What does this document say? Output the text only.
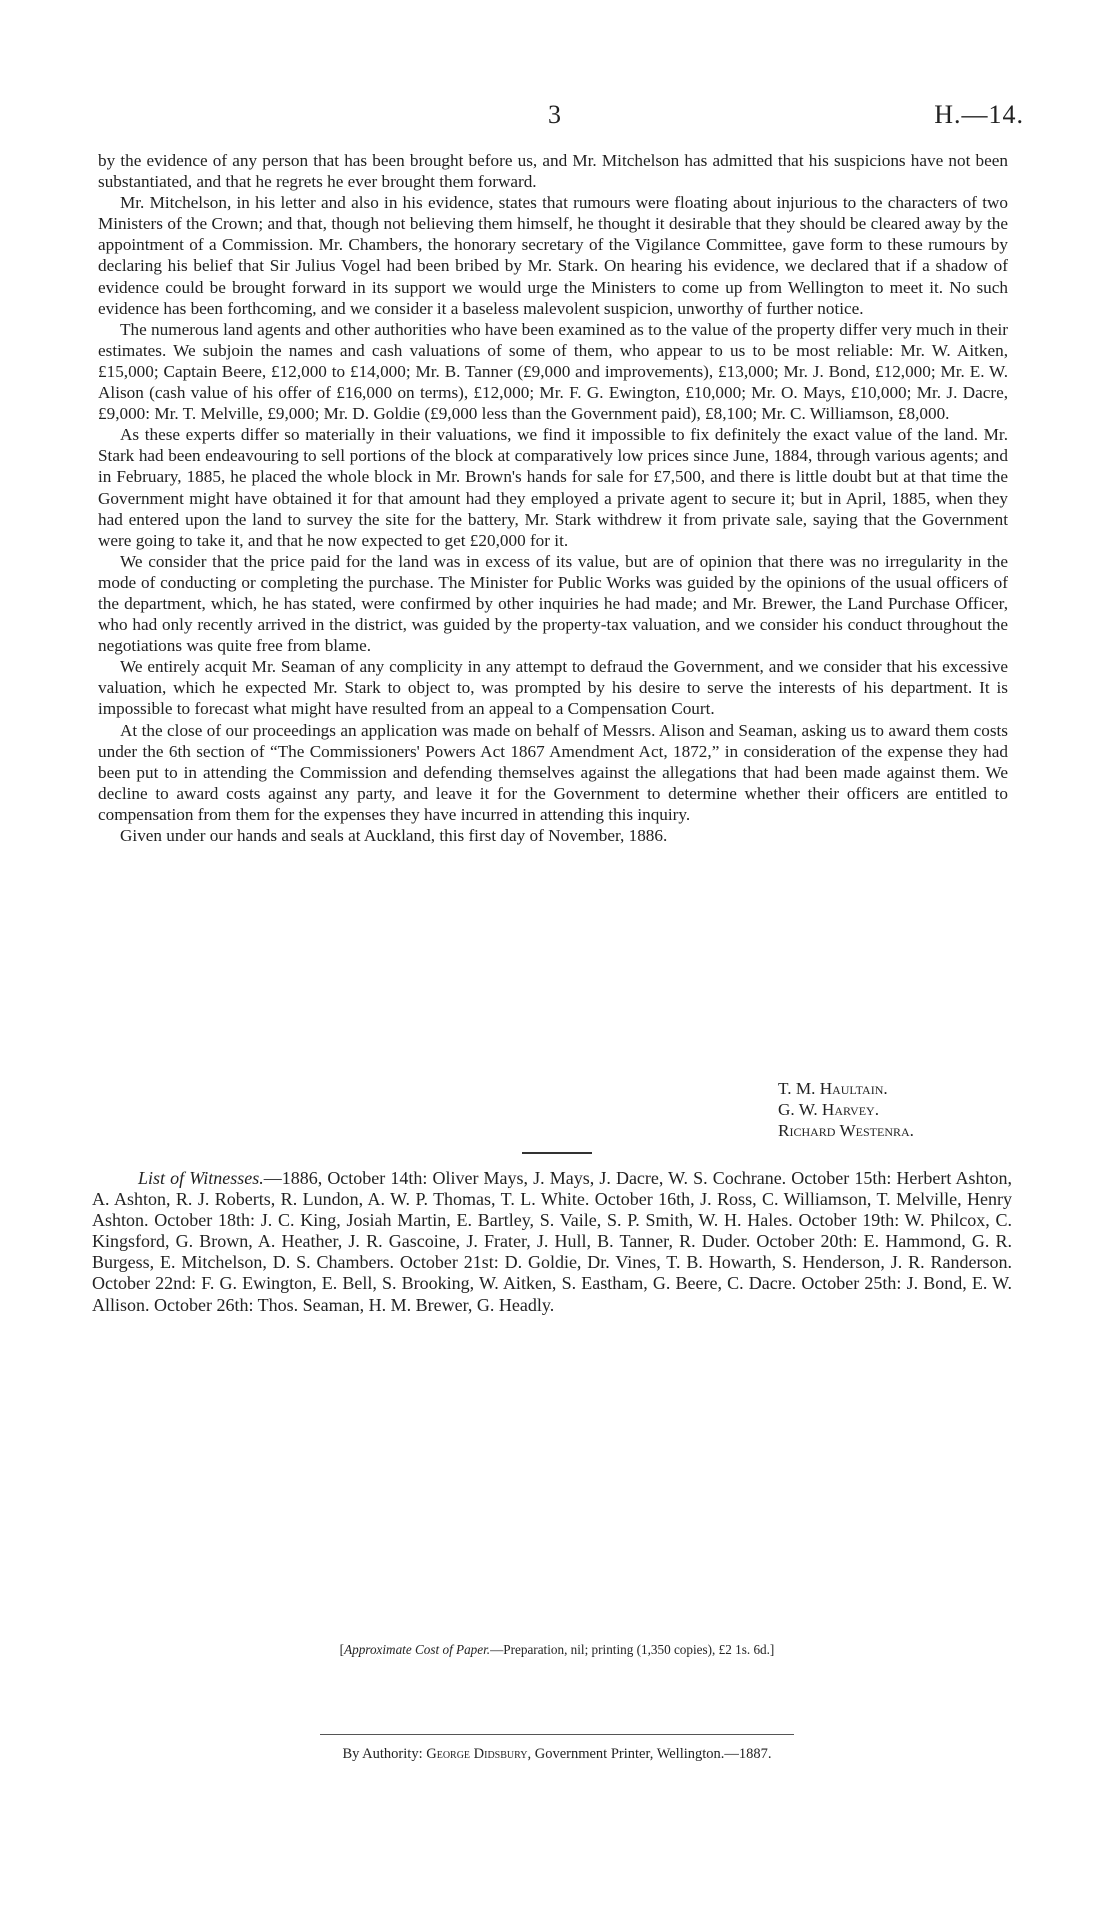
3	H.—14.

by the evidence of any person that has been brought before us, and Mr. Mitchelson has admitted that his suspicions have not been substantiated, and that he regrets he ever brought them forward.

Mr. Mitchelson, in his letter and also in his evidence, states that rumours were floating about injurious to the characters of two Ministers of the Crown; and that, though not believing them himself, he thought it desirable that they should be cleared away by the appointment of a Commission. Mr. Chambers, the honorary secretary of the Vigilance Committee, gave form to these rumours by declaring his belief that Sir Julius Vogel had been bribed by Mr. Stark. On hearing his evidence, we declared that if a shadow of evidence could be brought forward in its support we would urge the Ministers to come up from Wellington to meet it. No such evidence has been forthcoming, and we consider it a baseless malevolent suspicion, unworthy of further notice.

The numerous land agents and other authorities who have been examined as to the value of the property differ very much in their estimates. We subjoin the names and cash valuations of some of them, who appear to us to be most reliable: Mr. W. Aitken, £15,000; Captain Beere, £12,000 to £14,000; Mr. B. Tanner (£9,000 and improvements), £13,000; Mr. J. Bond, £12,000; Mr. E. W. Alison (cash value of his offer of £16,000 on terms), £12,000; Mr. F. G. Ewington, £10,000; Mr. O. Mays, £10,000; Mr. J. Dacre, £9,000: Mr. T. Melville, £9,000; Mr. D. Goldie (£9,000 less than the Government paid), £8,100; Mr. C. Williamson, £8,000.

As these experts differ so materially in their valuations, we find it impossible to fix definitely the exact value of the land. Mr. Stark had been endeavouring to sell portions of the block at comparatively low prices since June, 1884, through various agents; and in February, 1885, he placed the whole block in Mr. Brown's hands for sale for £7,500, and there is little doubt but at that time the Government might have obtained it for that amount had they employed a private agent to secure it; but in April, 1885, when they had entered upon the land to survey the site for the battery, Mr. Stark withdrew it from private sale, saying that the Government were going to take it, and that he now expected to get £20,000 for it.

We consider that the price paid for the land was in excess of its value, but are of opinion that there was no irregularity in the mode of conducting or completing the purchase. The Minister for Public Works was guided by the opinions of the usual officers of the department, which, he has stated, were confirmed by other inquiries he had made; and Mr. Brewer, the Land Purchase Officer, who had only recently arrived in the district, was guided by the property-tax valuation, and we consider his conduct throughout the negotiations was quite free from blame.

We entirely acquit Mr. Seaman of any complicity in any attempt to defraud the Government, and we consider that his excessive valuation, which he expected Mr. Stark to object to, was prompted by his desire to serve the interests of his department. It is impossible to forecast what might have resulted from an appeal to a Compensation Court.

At the close of our proceedings an application was made on behalf of Messrs. Alison and Seaman, asking us to award them costs under the 6th section of “The Commissioners' Powers Act 1867 Amendment Act, 1872,” in consideration of the expense they had been put to in attending the Commission and defending themselves against the allegations that had been made against them. We decline to award costs against any party, and leave it for the Government to determine whether their officers are entitled to compensation from them for the expenses they have incurred in attending this inquiry.

Given under our hands and seals at Auckland, this first day of November, 1886.

T. M. Haultain.
G. W. Harvey.
Richard Westenra.

List of Witnesses.—1886, October 14th: Oliver Mays, J. Mays, J. Dacre, W. S. Cochrane. October 15th: Herbert Ashton, A. Ashton, R. J. Roberts, R. Lundon, A. W. P. Thomas, T. L. White. October 16th, J. Ross, C. Williamson, T. Melville, Henry Ashton. October 18th: J. C. King, Josiah Martin, E. Bartley, S. Vaile, S. P. Smith, W. H. Hales. October 19th: W. Philcox, C. Kingsford, G. Brown, A. Heather, J. R. Gascoine, J. Frater, J. Hull, B. Tanner, R. Duder. October 20th: E. Hammond, G. R. Burgess, E. Mitchelson, D. S. Chambers. October 21st: D. Goldie, Dr. Vines, T. B. Howarth, S. Henderson, J. R. Randerson. October 22nd: F. G. Ewington, E. Bell, S. Brooking, W. Aitken, S. Eastham, G. Beere, C. Dacre. October 25th: J. Bond, E. W. Allison. October 26th: Thos. Seaman, H. M. Brewer, G. Headly.

[Approximate Cost of Paper.—Preparation, nil; printing (1,350 copies), £2 1s. 6d.]
By Authority: George Didsbury, Government Printer, Wellington.—1887.
